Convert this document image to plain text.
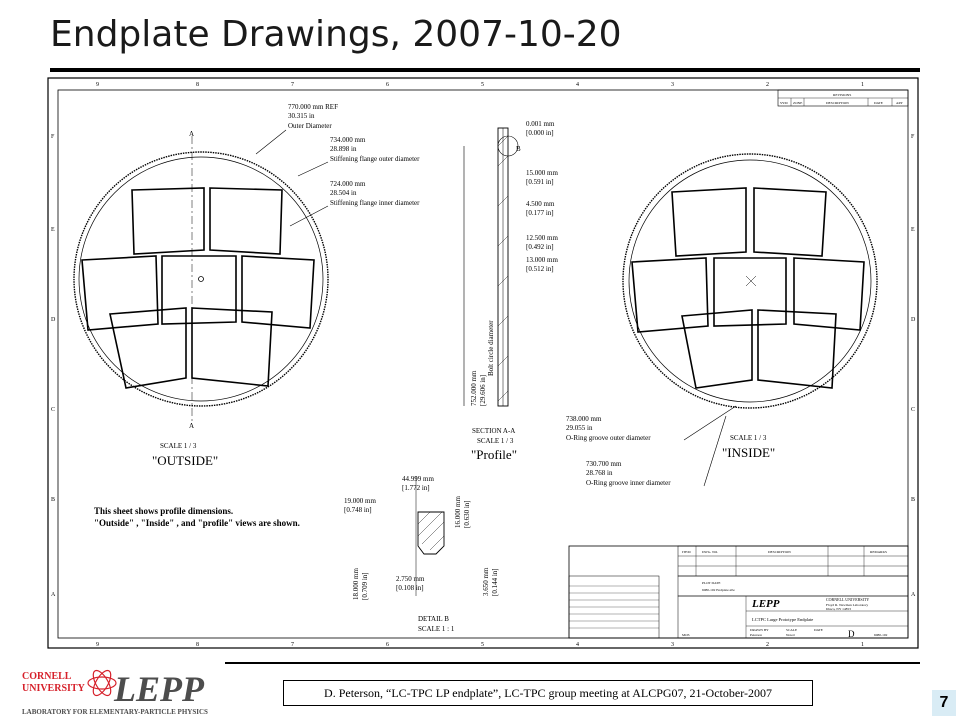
Endplate Drawings, 2007-10-20
9	8	7	6	5	4	3	2	1
9	8	7	6	5	4	3	2	1
F
E
D
C
B
A
F
E
D
C
B
A
A
A
770.000 mm REF
30.315 in
Outer Diameter
734.000 mm
28.898 in
Stiffening flange outer diameter
724.000 mm
28.504 in
Stiffening flange inner diameter
SCALE 1 / 3
"OUTSIDE"
B
0.001 mm
[0.000 in]
15.000 mm
[0.591 in]
4.500 mm
[0.177 in]
12.500 mm
[0.492 in]
13.000 mm
[0.512 in]
SECTION A-A
SCALE 1 / 3
752.000 mm [29.606 in]
Bolt circle diameter
"Profile"
738.000 mm
29.055 in
O-Ring groove outer diameter
730.700 mm
28.768 in
O-Ring groove inner diameter
SCALE 1 / 3
"INSIDE"
44.999 mm
[1.772 in]
19.000 mm
[0.748 in]
2.750 mm
[0.108 in]
DETAIL B
SCALE 1 : 1
16.000 mm [0.630 in]
18.000 mm [0.709 in]	3.650 mm [0.144 in]
This sheet shows profile dimensions.
"Outside" , "Inside" , and "profile" views are shown.
REVISIONS
SYM ZONE	DESCRIPTION	DATE	APP
ITEM	DWG. NO.	DESCRIPTION	REMARKS
PLOT DATE
6080-102 Endplate.idw
LEPP	CORNELL UNIVERSITY
Floyd R. Newman Laboratory
Ithaca, NY 14853
LCTPC Large Prototype Endplate
DRAWN BY
Peterson
SCALE
Noted
DATE
MOS	6080-102
D
CORNELL
UNIVERSITY LEPP
LABORATORY FOR ELEMENTARY-PARTICLE PHYSICS
D. Peterson, “LC-TPC LP endplate”, LC-TPC group meeting at ALCPG07, 21-October-2007
7
